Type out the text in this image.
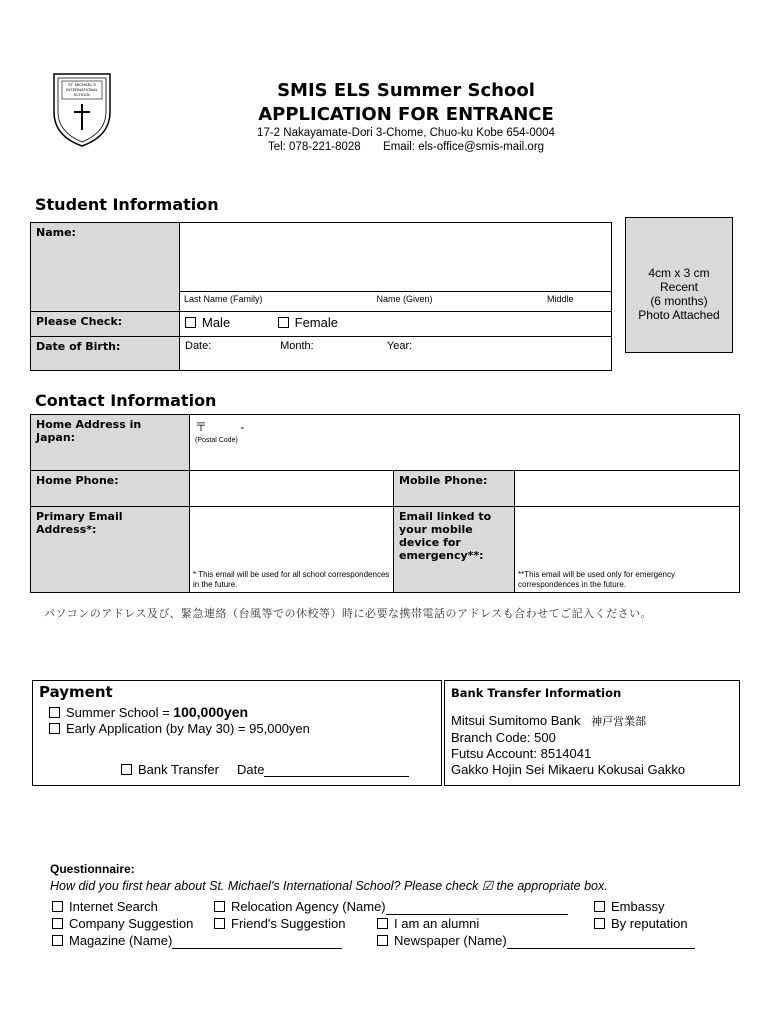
ST. MICHAEL'S INTERNATIONAL SCHOOL	SMIS ELS Summer School
APPLICATION FOR ENTRANCE
17-2 Nakayamate-Dori 3-Chome, Chuo-ku Kobe 654-0004
Tel: 078-221-8028 Email: els-office@smis-mail.org
Student Information
Name:	
	Last Name (Family) Name (Given) Middle
Please Check:	Male Female
Date of Birth:	Date: Month: Year:
4cm x 3 cm
Recent
(6 months)
Photo Attached
Contact Information
Home Address in Japan:	〒 -
(Postal Code)		

Home Phone:		Mobile Phone:	
Primary Email Address*:	* This email will be used for all school correspondences in the future.	Email linked to your mobile device for emergency**:	**This email will be used only for emergency correspondences in the future.
パソコンのアドレス及び、緊急連絡（台風等での休校等）時に必要な携帯電話のアドレスも合わせてご記入ください。
Payment
Summer School = 100,000yen
Early Application (by May 30) = 95,000yen
Bank Transfer Date
Bank Transfer Information
Mitsui Sumitomo Bank 神戸営業部
Branch Code: 500
Futsu Account: 8514041
Gakko Hojin Sei Mikaeru Kokusai Gakko
Questionnaire:
How did you first hear about St. Michael's International School? Please check ☑ the appropriate box.
Internet Search	Relocation Agency (Name)	Embassy
Company Suggestion	Friend's Suggestion	I am an alumni	By reputation
Magazine (Name)	Newspaper (Name)
